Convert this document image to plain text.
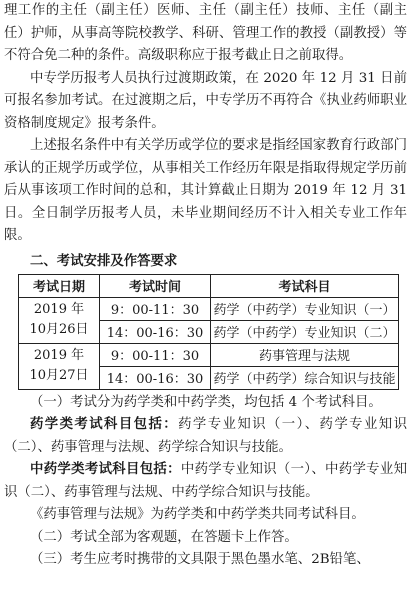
理工作的主任（副主任）医师、主任（副主任）技师、主任（副主任）护师，从事高等院校教学、科研、管理工作的教授（副教授）等不符合免二种的条件。高级职称应于报考截止日之前取得。

中专学历报考人员执行过渡期政策，在 2020 年 12 月 31 日前可报名参加考试。在过渡期之后，中专学历不再符合《执业药师职业资格制度规定》报考条件。

上述报名条件中有关学历或学位的要求是指经国家教育行政部门承认的正规学历或学位，从事相关工作经历年限是指取得规定学历前后从事该项工作时间的总和，其计算截止日期为 2019 年 12 月 31 日。全日制学历报考人员，未毕业期间经历不计入相关专业工作年限。

二、考试安排及作答要求

考试日期	考试时间	考试科目

2019 年
10月26日	9：00-11：30	药学（中药学）专业知识（一）
	14：00-16：30	药学（中药学）专业知识（二）

2019 年
10月27日	9：00-11：30	药事管理与法规
	14：00-16：30	药学（中药学）综合知识与技能

（一）考试分为药学类和中药学类，均包括 4 个考试科目。

药学类考试科目包括：药学专业知识（一）、药学专业知识（二）、药事管理与法规、药学综合知识与技能。

中药学类考试科目包括：中药学专业知识（一）、中药学专业知识（二）、药事管理与法规、中药学综合知识与技能。

《药事管理与法规》为药学类和中药学类共同考试科目。

（二）考试全部为客观题，在答题卡上作答。

（三）考生应考时携带的文具限于黑色墨水笔、2B铅笔、
